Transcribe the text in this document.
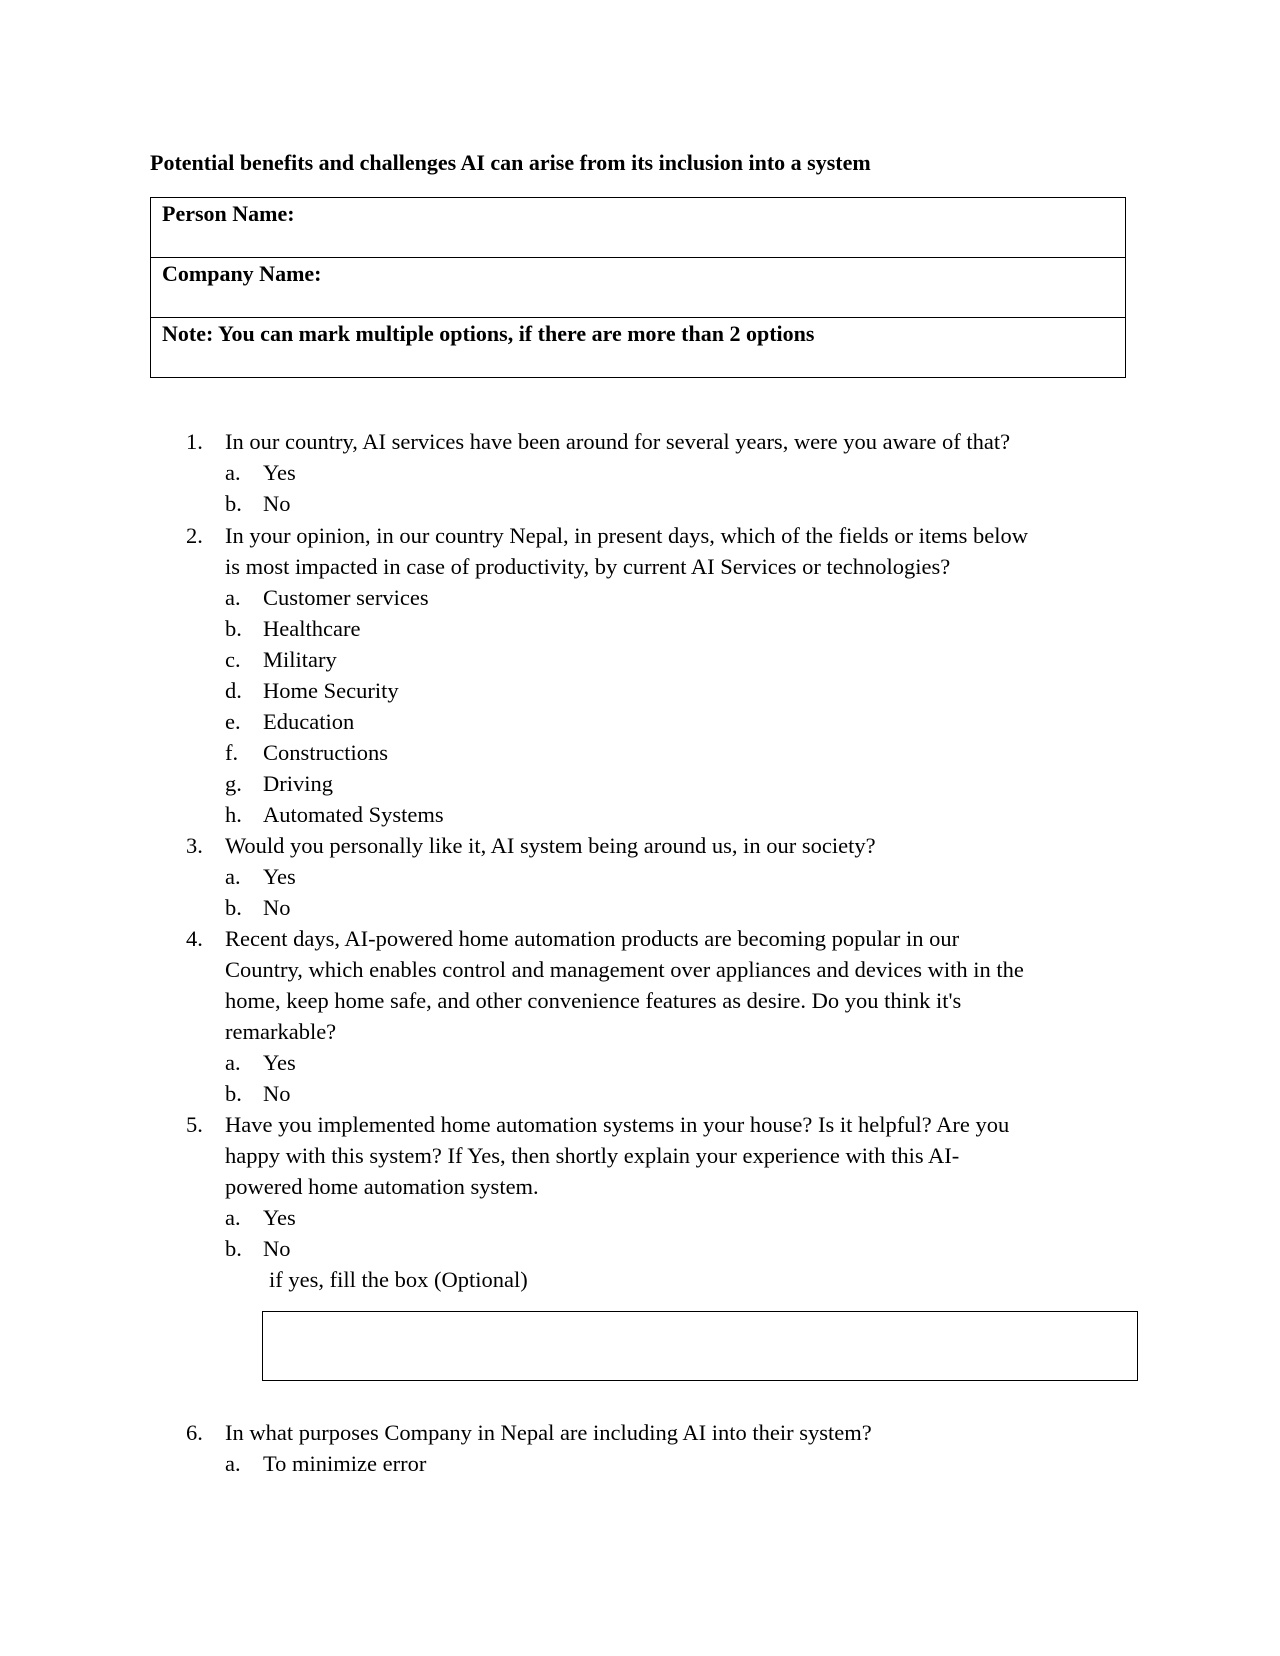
Potential benefits and challenges AI can arise from its inclusion into a system
Person Name:

Company Name:

Note: You can mark multiple options, if there are more than 2 options
1. In our country, AI services have been around for several years, were you aware of that?
a. Yes
b. No
2. In your opinion, in our country Nepal, in present days, which of the fields or items below
is most impacted in case of productivity, by current AI Services or technologies?
a. Customer services
b. Healthcare
c. Military
d. Home Security
e. Education
f. Constructions
g. Driving
h. Automated Systems
3. Would you personally like it, AI system being around us, in our society?
a. Yes
b. No
4. Recent days, AI-powered home automation products are becoming popular in our
Country, which enables control and management over appliances and devices with in the
home, keep home safe, and other convenience features as desire. Do you think it's
remarkable?
a. Yes
b. No
5. Have you implemented home automation systems in your house? Is it helpful? Are you
happy with this system? If Yes, then shortly explain your experience with this AI-
powered home automation system.
a. Yes
b. No
if yes, fill the box (Optional)
6. In what purposes Company in Nepal are including AI into their system?
a. To minimize error
